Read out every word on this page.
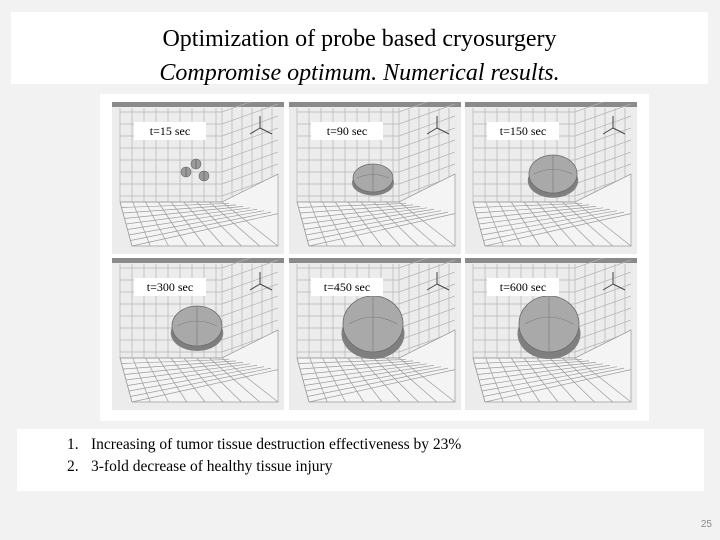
Optimization of probe based cryosurgery
Compromise optimum. Numerical results.
t=15 sec	t=90 sec	t=150 sec
t=300 sec	t=450 sec	t=600 sec
1. Increasing of tumor tissue destruction effectiveness by 23%
2. 3-fold decrease of healthy tissue injury
25
